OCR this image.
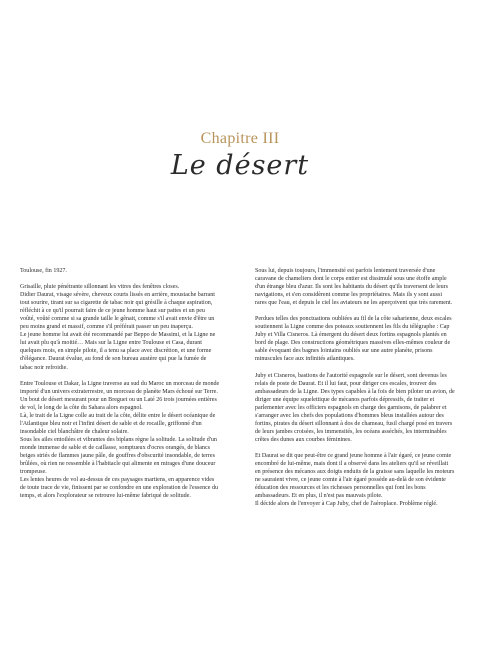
Chapitre III
Le désert

Toulouse, fin 1927.

Grisaille, pluie pénétrante sillonnant les vitres des fenêtres closes.

Didier Daurat, visage sévère, cheveux courts lissés en arrière, moustache barrant tout sourire, tirant sur sa cigarette de tabac noir qui grésille à chaque aspiration, réfléchit à ce qu'il pourrait faire de ce jeune homme haut sur pattes et un peu voûté, voûté comme si sa grande taille le gênait, comme s'il avait envie d'être un peu moins grand et massif, comme s'il préférait passer un peu inaperçu.

Le jeune homme lui avait été recommandé par Beppo de Massimi, et la Ligne ne lui avait plu qu'à moitié… Mais sur la Ligne entre Toulouse et Casa, durant quelques mois, en simple pilote, il a tenu sa place avec discrétion, et une forme d'élégance. Daurat évalue, au fond de son bureau austère qui pue la fumée de tabac noir refroidie.

Entre Toulouse et Dakar, la Ligne traverse au sud du Maroc un morceau de monde importé d'un univers extraterrestre, un morceau de planète Mars échoué sur Terre.

Un bout de désert mesurant pour un Breguet ou un Laté 26 trois journées entières de vol, le long de la côte du Sahara alors espagnol.

Là, le trait de la Ligne colle au trait de la côte, délite entre le désert océanique de l'Atlantique bleu noir et l'infini désert de sable et de rocaille, griffonné d'un insondable ciel blanchâtre de chaleur solaire.

Sous les ailes entoilées et vibrantes des biplans règne la solitude. La solitude d'un monde immense de sable et de caillasse, somptueux d'ocres orangés, de blancs beiges striés de flammes jaune pâle, de gouffres d'obscurité insondable, de terres brûlées, où rien ne ressemble à l'habitacle qui alimente en mirages d'une douceur trompeuse.

Les lentes heures de vol au-dessus de ces paysages martiens, en apparence vides de toute trace de vie, finissent par se confondre en une exploration de l'essence du temps, et alors l'explorateur se retrouve lui-même fabriqué de solitude.

Sous lui, depuis toujours, l'immensité est parfois lentement traversée d'une caravane de chameliers dont le corps entier est dissimulé sous une étoffe ample d'un étrange bleu d'azur. Ils sont les habitants du désert qu'ils traversent de leurs navigations, et s'en considèrent comme les propriétaires. Mais ils y sont aussi rares que l'eau, et depuis le ciel les aviateurs ne les aperçoivent que très rarement.

Perdues telles des ponctuations oubliées au fil de la côte saharienne, deux escales soutiennent la Ligne comme des poteaux soutiennent les fils du télégraphe : Cap Juby et Villa Cisneros. Là émergent du désert deux fortins espagnols plantés en bord de plage. Des constructions géométriques massives elles-mêmes couleur de sable évoquant des bagnes lointains oubliés sur une autre planète, prisons minuscules face aux infinités atlantiques.

Juby et Cisneros, bastions de l'autorité espagnole sur le désert, sont devenus les relais de poste de Daurat. Et il lui faut, pour diriger ces escales, trouver des ambassadeurs de la Ligne. Des types capables à la fois de bien piloter un avion, de diriger une équipe squelettique de mécanos parfois dépressifs, de traiter et parlementer avec les officiers espagnols en charge des garnisons, de palabrer et s'arranger avec les chefs des populations d'hommes bleus installées autour des fortins, pirates du désert sillonnant à dos de chameau, fusil chargé posé en travers de leurs jambes croisées, les immensités, les océans asséchés, les interminables crêtes des dunes aux courbes féminines.

Et Daurat se dit que peut-être ce grand jeune homme à l'air égaré, ce jeune comte encombré de lui-même, mais dont il a observé dans les ateliers qu'il se réveillait en présence des mécanos aux doigts enduits de la graisse sans laquelle les moteurs ne sauraient vivre, ce jeune comte à l'air égaré possède au-delà de son évidente éducation des ressources et les richesses personnelles qui font les bons ambassadeurs. Et en plus, il n'est pas mauvais pilote.

Il décide alors de l'envoyer à Cap Juby, chef de l'aéroplace. Problème réglé.
